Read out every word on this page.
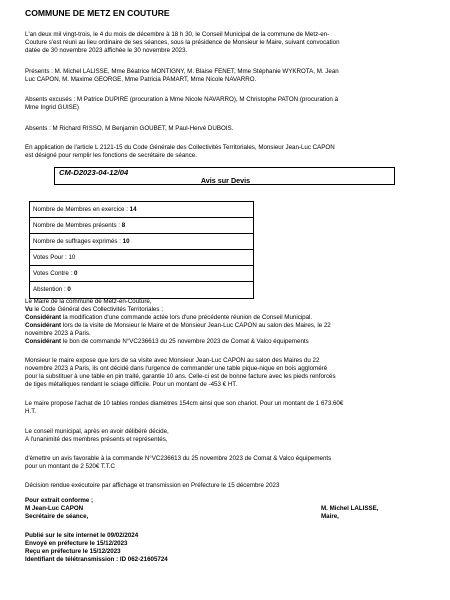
COMMUNE DE METZ EN COUTURE
L'an deux mil vingt-trois, le 4 du mois de décembre à 18 h 30, le Conseil Municipal de la commune de Metz-en-
Couture s'est réuni au lieu ordinaire de ses séances, sous la présidence de Monsieur le Maire, suivant convocation
datée de 30 novembre 2023 affichée le 30 novembre 2023.
Présents : M. Michel LALISSE, Mme Béatrice MONTIGNY, M. Blaise FENET, Mme Stéphanie WYKROTA, M. Jean
Luc CAPON, M. Maxime GEORGE, Mme Patricia PAMART, Mme Nicole NAVARRO.
Absents excusés : M Patrice DUPIRE (procuration à Mme Nicole NAVARRO), M Christophe PATON (procuration à
Mme Ingrid GUISE)
Absents : M Richard RISSO, M Benjamin GOUBET, M Paul-Hervé DUBOIS.
En application de l'article L 2121-15 du Code Générale des Collectivités Territoriales, Monsieur Jean-Luc CAPON
est désigné pour remplir les fonctions de secrétaire de séance.
CM-D2023-04-12/04
Avis sur Devis
Nombre de Membres en exercice : 14
Nombre de Membres présents : 8
Nombre de suffrages exprimés : 10
Votes Pour : 10
Votes Contre : 0
Abstention : 0
Le Maire de la commune de Metz-en-Couture,
Vu le Code Général des Collectivités Territoriales ;
Considérant la modification d'une commande actée lors d'une précédente réunion de Conseil Municipal.
Considérant lors de la visite de Monsieur le Maire et de Monsieur Jean-Luc CAPON au salon des Maires, le 22
novembre 2023 à Paris.
Considérant le bon de commande N°VC236613 du 25 novembre 2023 de Comat & Valco équipements
Monsieur le maire expose que lors de sa visite avec Monsieur Jean-Luc CAPON au salon des Maires du 22
novembre 2023 à Paris, ils ont décidé dans l'urgence de commander une table pique-nique en bois aggloméré
pour la substituer à une table en pin traité, garantie 10 ans. Celle-ci est de bonne facture avec les pieds renforcés
de tiges métalliques rendant le sciage difficile. Pour un montant de -453 € HT.
Le maire propose l'achat de 10 tables rondes diamètres 154cm ainsi que son chariot. Pour un montant de 1 673.60€
H.T.
Le conseil municipal, après en avoir délibéré décide,
A l'unanimité des membres présents et représentés,
d'émettre un avis favorable à la commande N°VC236613 du 25 novembre 2023 de Comat & Valco équipements
pour un montant de 2 520€ T.T.C
Décision rendue exécutoire par affichage et transmission en Préfecture le 15 décembre 2023
Pour extrait conforme ;
M Jean-Luc CAPON
Secrétaire de séance,
M. Michel LALISSE,
Maire,
Publié sur le site internet le 09/02/2024
Envoyé en préfecture le 15/12/2023
Reçu en préfecture le 15/12/2023
Identifiant de télétransmission : ID 062-21605724
